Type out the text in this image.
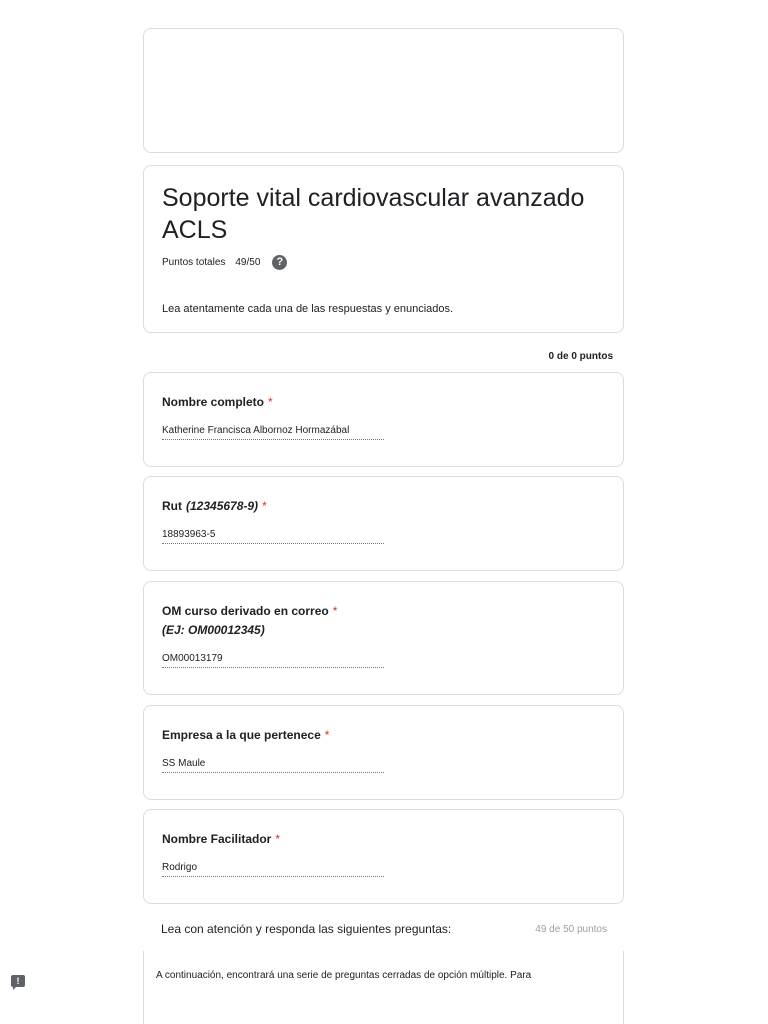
Soporte vital cardiovascular avanzado ACLS
Puntos totales 49/50	?
Lea atentamente cada una de las respuestas y enunciados.
0 de 0 puntos
Nombre completo *
Katherine Francisca Albornoz Hormazábal
Rut (12345678-9) *
18893963-5
OM curso derivado en correo *
(EJ: OM00012345)
OM00013179
Empresa a la que pertenece *
SS Maule
Nombre Facilitador *
Rodrigo
Lea con atención y responda las siguientes preguntas:	49 de 50 puntos
A continuación, encontrará una serie de preguntas cerradas de opción múltiple. Para
!
